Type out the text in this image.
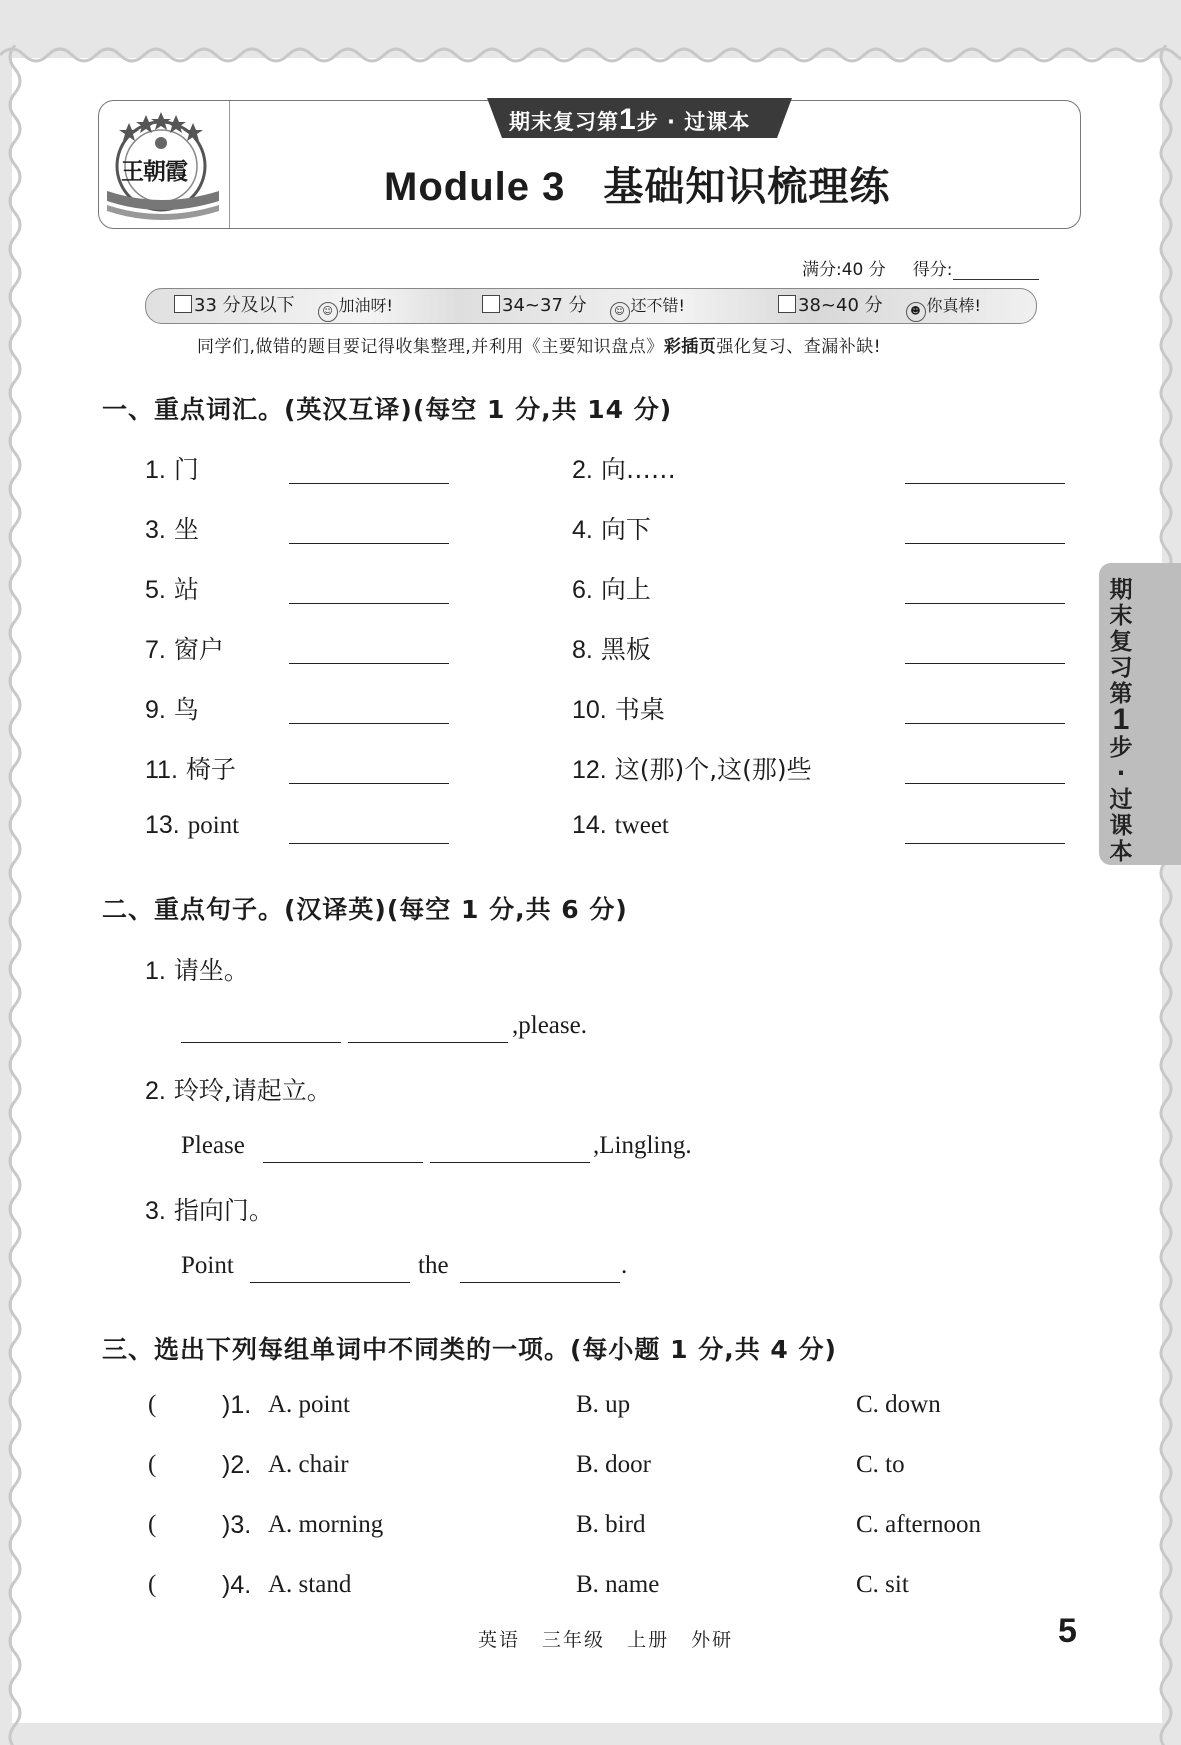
王朝霞
期末复习第1步 · 过课本
Module 3 基础知识梳理练
满分:40 分 得分:
33 分及以下	☺ 加油呀!	34~37 分	☺ 还不错!	38~40 分	☻ 你真棒!
同学们,做错的题目要记得收集整理,并利用《主要知识盘点》彩插页强化复习、查漏补缺!
一、重点词汇。(英汉互译)(每空 1 分,共 14 分)
1. 门	2. 向……
3. 坐	4. 向下
5. 站	6. 向上
7. 窗户	8. 黑板
9. 鸟	10. 书桌
11. 椅子	12. 这(那)个,这(那)些
13. point	14. tweet
二、重点句子。(汉译英)(每空 1 分,共 6 分)
1. 请坐。
,please.
2. 玲玲,请起立。
Please	,Lingling.
3. 指向门。
Point	the	.
三、选出下列每组单词中不同类的一项。(每小题 1 分,共 4 分)
(	)1. A. point	B. up	C. down
(	)2. A. chair	B. door	C. to
(	)3. A. morning	B. bird	C. afternoon
(	)4. A. stand	B. name	C. sit
期末复习第1步·过课本
英语 三年级 上册 外研	5
